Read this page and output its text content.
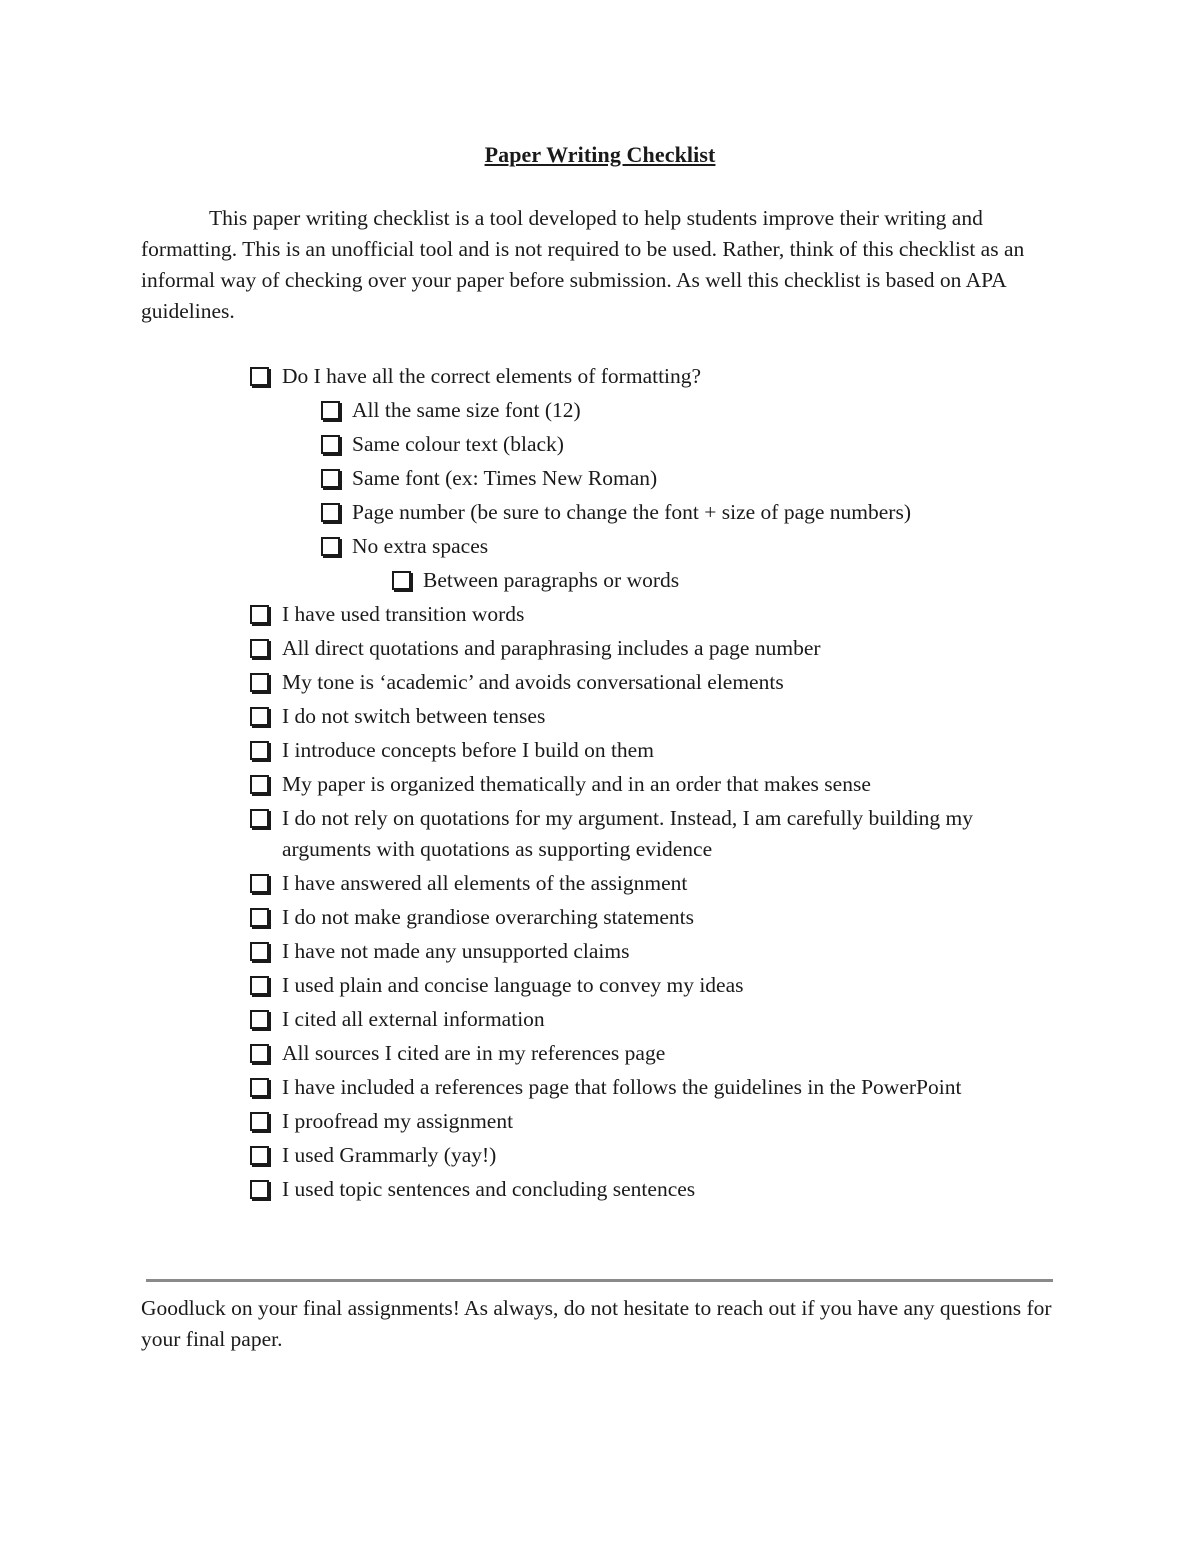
Paper Writing Checklist

This paper writing checklist is a tool developed to help students improve their writing and formatting. This is an unofficial tool and is not required to be used. Rather, think of this checklist as an informal way of checking over your paper before submission. As well this checklist is based on APA guidelines.

Do I have all the correct elements of formatting?
All the same size font (12)
Same colour text (black)
Same font (ex: Times New Roman)
Page number (be sure to change the font + size of page numbers)
No extra spaces
Between paragraphs or words
I have used transition words
All direct quotations and paraphrasing includes a page number
My tone is ‘academic’ and avoids conversational elements
I do not switch between tenses
I introduce concepts before I build on them
My paper is organized thematically and in an order that makes sense
I do not rely on quotations for my argument. Instead, I am carefully building my arguments with quotations as supporting evidence
I have answered all elements of the assignment
I do not make grandiose overarching statements
I have not made any unsupported claims
I used plain and concise language to convey my ideas
I cited all external information
All sources I cited are in my references page
I have included a references page that follows the guidelines in the PowerPoint
I proofread my assignment
I used Grammarly (yay!)
I used topic sentences and concluding sentences

Goodluck on your final assignments! As always, do not hesitate to reach out if you have any questions for your final paper.
